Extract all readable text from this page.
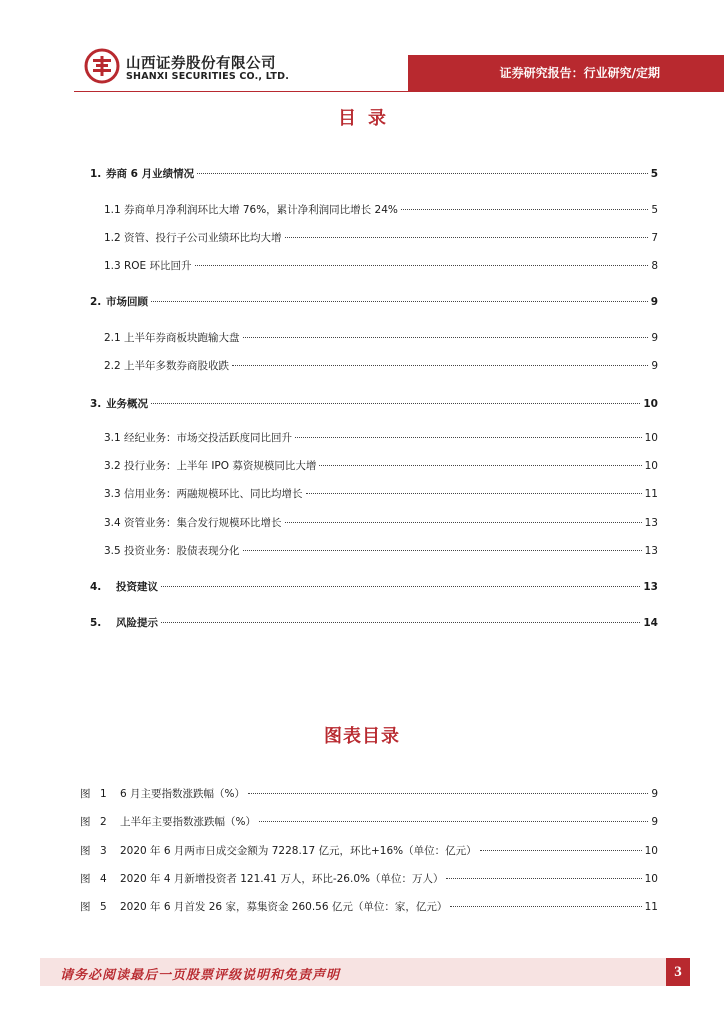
山西证券股份有限公司
SHANXI SECURITIES CO., LTD.	证券研究报告：行业研究/定期
目录
1. 券商 6 月业绩情况	5
1.1 券商单月净利润环比大增 76%，累计净利润同比增长 24%	5
1.2 资管、投行子公司业绩环比均大增	7
1.3 ROE 环比回升	8
2. 市场回顾	9
2.1 上半年券商板块跑输大盘	9
2.2 上半年多数券商股收跌	9
3. 业务概况	10
3.1 经纪业务：市场交投活跃度同比回升	10
3.2 投行业务：上半年 IPO 募资规模同比大增	10
3.3 信用业务：两融规模环比、同比均增长	11
3.4 资管业务：集合发行规模环比增长	13
3.5 投资业务：股债表现分化	13
4.	投资建议	13
5.	风险提示	14
图表目录
图 1	6 月主要指数涨跌幅（%）	9
图 2	上半年主要指数涨跌幅（%）	9
图 3	2020 年 6 月两市日成交金额为 7228.17 亿元，环比+16%（单位：亿元）	10
图 4	2020 年 4 月新增投资者 121.41 万人，环比-26.0%（单位：万人）	10
图 5	2020 年 6 月首发 26 家，募集资金 260.56 亿元（单位：家，亿元）	11
请务必阅读最后一页股票评级说明和免责声明	3
